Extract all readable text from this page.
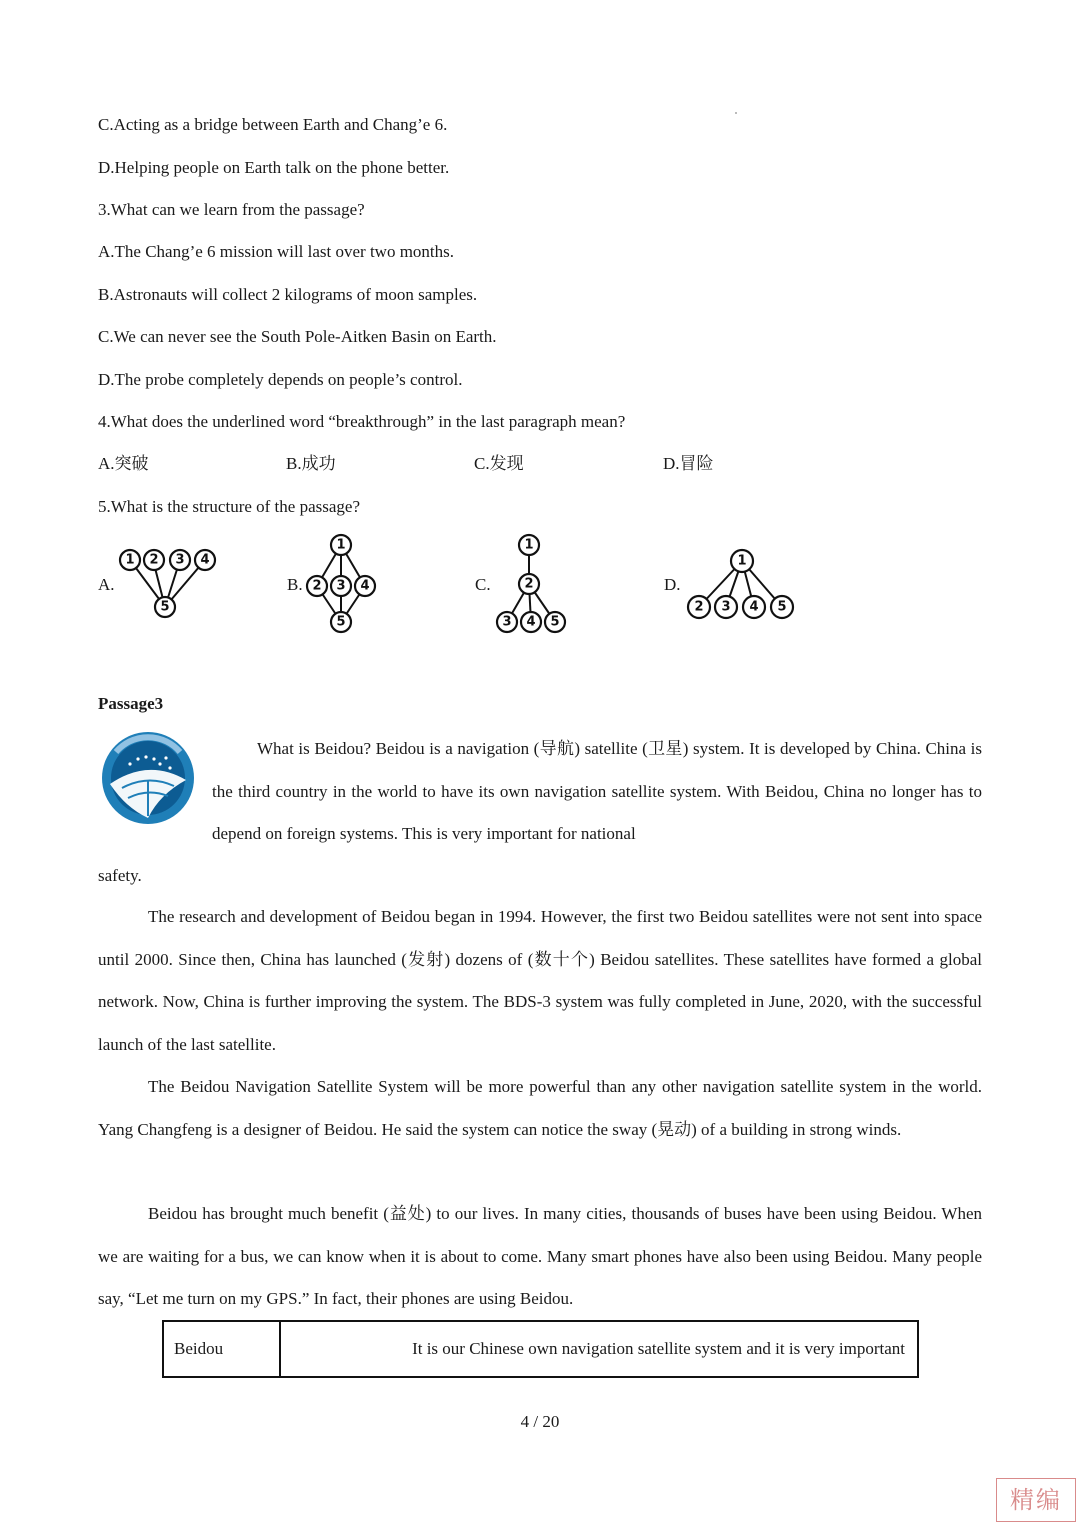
C.Acting as a bridge between Earth and Chang’e 6.
D.Helping people on Earth talk on the phone better.
3.What can we learn from the passage?
A.The Chang’e 6 mission will last over two months.
B.Astronauts will collect 2 kilograms of moon samples.
C.We can never see the South Pole-Aitken Basin on Earth.
D.The probe completely depends on people’s control.
4.What does the underlined word “breakthrough” in the last paragraph mean?
A.突破	B.成功	C.发现	D.冒险
5.What is the structure of the passage?
A.
1 2 3 4
5
B.
1
2 3 4
5
C.
1
2
3 4 5
D.
1
2 3 4 5
Passage3
What is Beidou? Beidou is a navigation (导航) satellite (卫星) system. It is developed by China. China is the third country in the world to have its own navigation satellite system. With Beidou, China no longer has to depend on foreign systems. This is very important for national
safety.
The research and development of Beidou began in 1994. However, the first two Beidou satellites were not sent into space until 2000. Since then, China has launched (发射) dozens of (数十个) Beidou satellites. These satellites have formed a global network. Now, China is further improving the system. The BDS-3 system was fully completed in June, 2020, with the successful launch of the last satellite.
The Beidou Navigation Satellite System will be more powerful than any other navigation satellite system in the world. Yang Changfeng is a designer of Beidou. He said the system can notice the sway (晃动) of a building in strong winds.
Beidou has brought much benefit (益处) to our lives. In many cities, thousands of buses have been using Beidou. When we are waiting for a bus, we can know when it is about to come. Many smart phones have also been using Beidou. Many people say, “Let me turn on my GPS.” In fact, their phones are using Beidou.
Beidou	It is our Chinese own navigation satellite system and it is very important
4 / 20
精编
